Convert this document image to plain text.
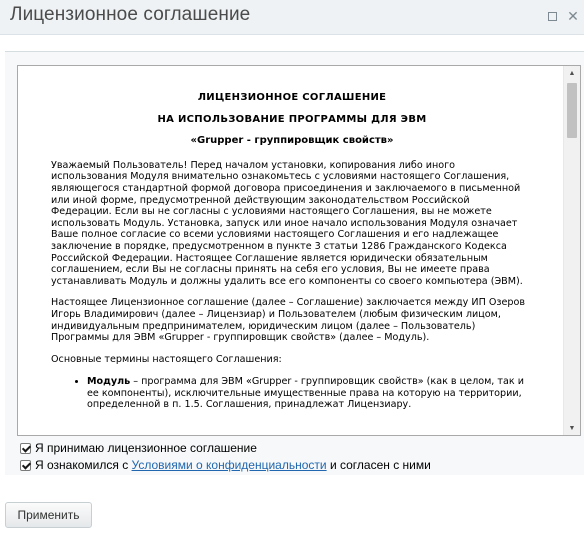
Лицензионное соглашение	✕
ЛИЦЕНЗИОННОЕ СОГЛАШЕНИЕ
НА ИСПОЛЬЗОВАНИЕ ПРОГРАММЫ ДЛЯ ЭВМ
«Grupper - группировщик свойств»
Уважаемый Пользователь! Перед началом установки, копирования либо иного использования Модуля внимательно ознакомьтесь с условиями настоящего Соглашения, являющегося стандартной формой договора присоединения и заключаемого в письменной или иной форме, предусмотренной действующим законодательством Российской Федерации. Если вы не согласны с условиями настоящего Соглашения, вы не можете использовать Модуль. Установка, запуск или иное начало использования Модуля означает Ваше полное согласие со всеми условиями настоящего Соглашения и его надлежащее заключение в порядке, предусмотренном в пункте 3 статьи 1286 Гражданского Кодекса Российской Федерации. Настоящее Соглашение является юридически обязательным соглашением, если Вы не согласны принять на себя его условия, Вы не имеете права устанавливать Модуль и должны удалить все его компоненты со своего компьютера (ЭВМ).
Настоящее Лицензионное соглашение (далее – Соглашение) заключается между ИП Озеров Игорь Владимирович (далее – Лицензиар) и Пользователем (любым физическим лицом, индивидуальным предпринимателем, юридическим лицом (далее – Пользователь) Программы для ЭВМ «Grupper - группировщик свойств» (далее – Модуль).
Основные термины настоящего Соглашения:
• Модуль – программа для ЭВМ «Grupper - группировщик свойств» (как в целом, так и ее компоненты), исключительные имущественные права на которую на территории, определенной в п. 1.5. Соглашения, принадлежат Лицензиару.
▲
▼
Я принимаю лицензионное соглашение
Я ознакомился с Условиями о конфиденциальности и согласен с ними
Применить
